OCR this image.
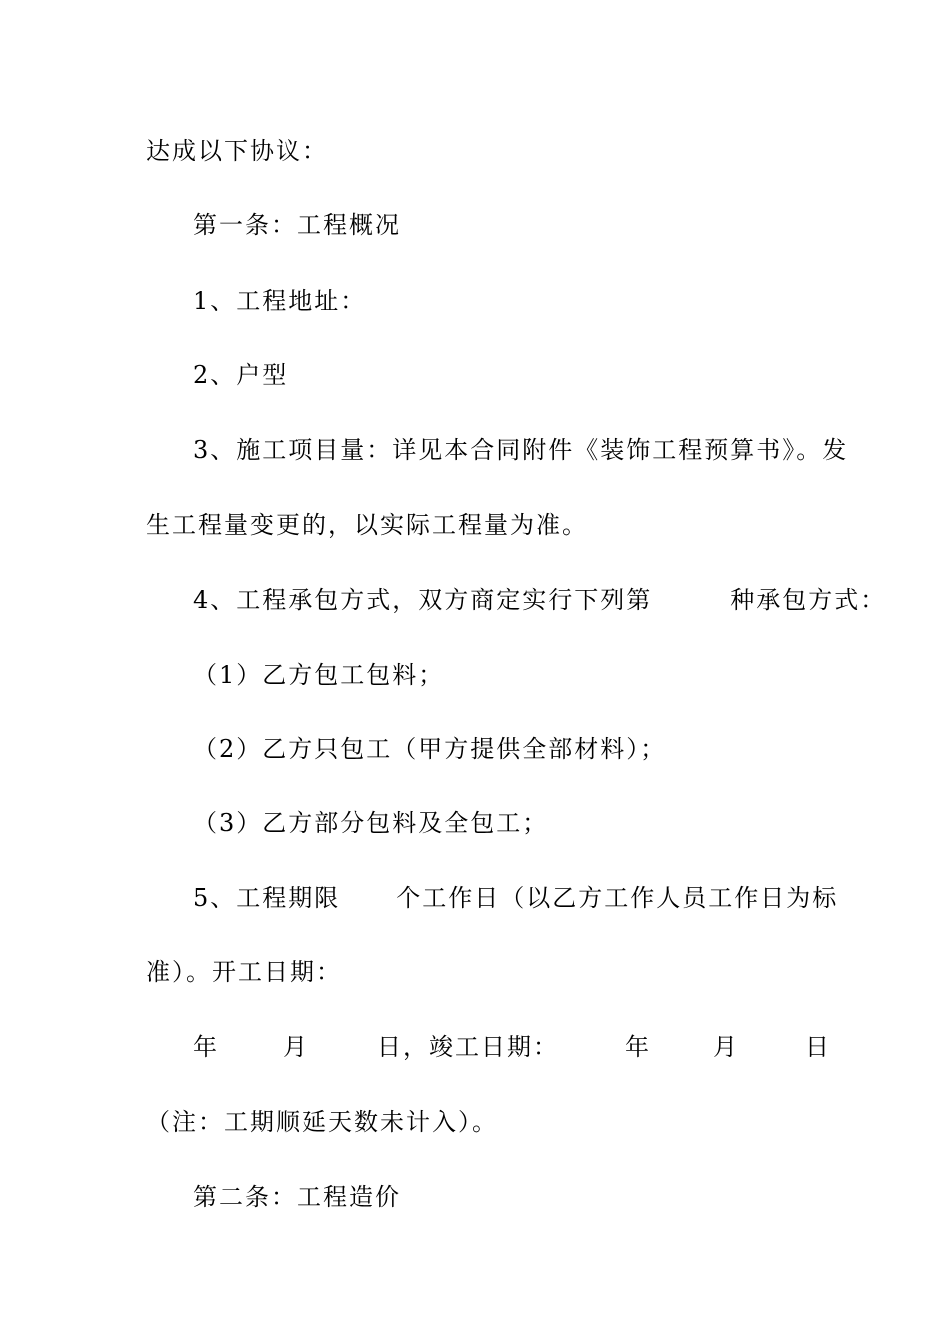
达成以下协议：
第一条：工程概况
1、工程地址：
2、户型
3、施工项目量：详见本合同附件《装饰工程预算书》。发
生工程量变更的，以实际工程量为准。
4、工程承包方式，双方商定实行下列第	种承包方式：
（1）乙方包工包料；
（2）乙方只包工（甲方提供全部材料）；
（3）乙方部分包料及全包工；
5、工程期限 个工作日（以乙方工作人员工作日为标
准）。开工日期：
年	月	日，竣工日期：	年	月	日
（注：工期顺延天数未计入）。
第二条：工程造价
